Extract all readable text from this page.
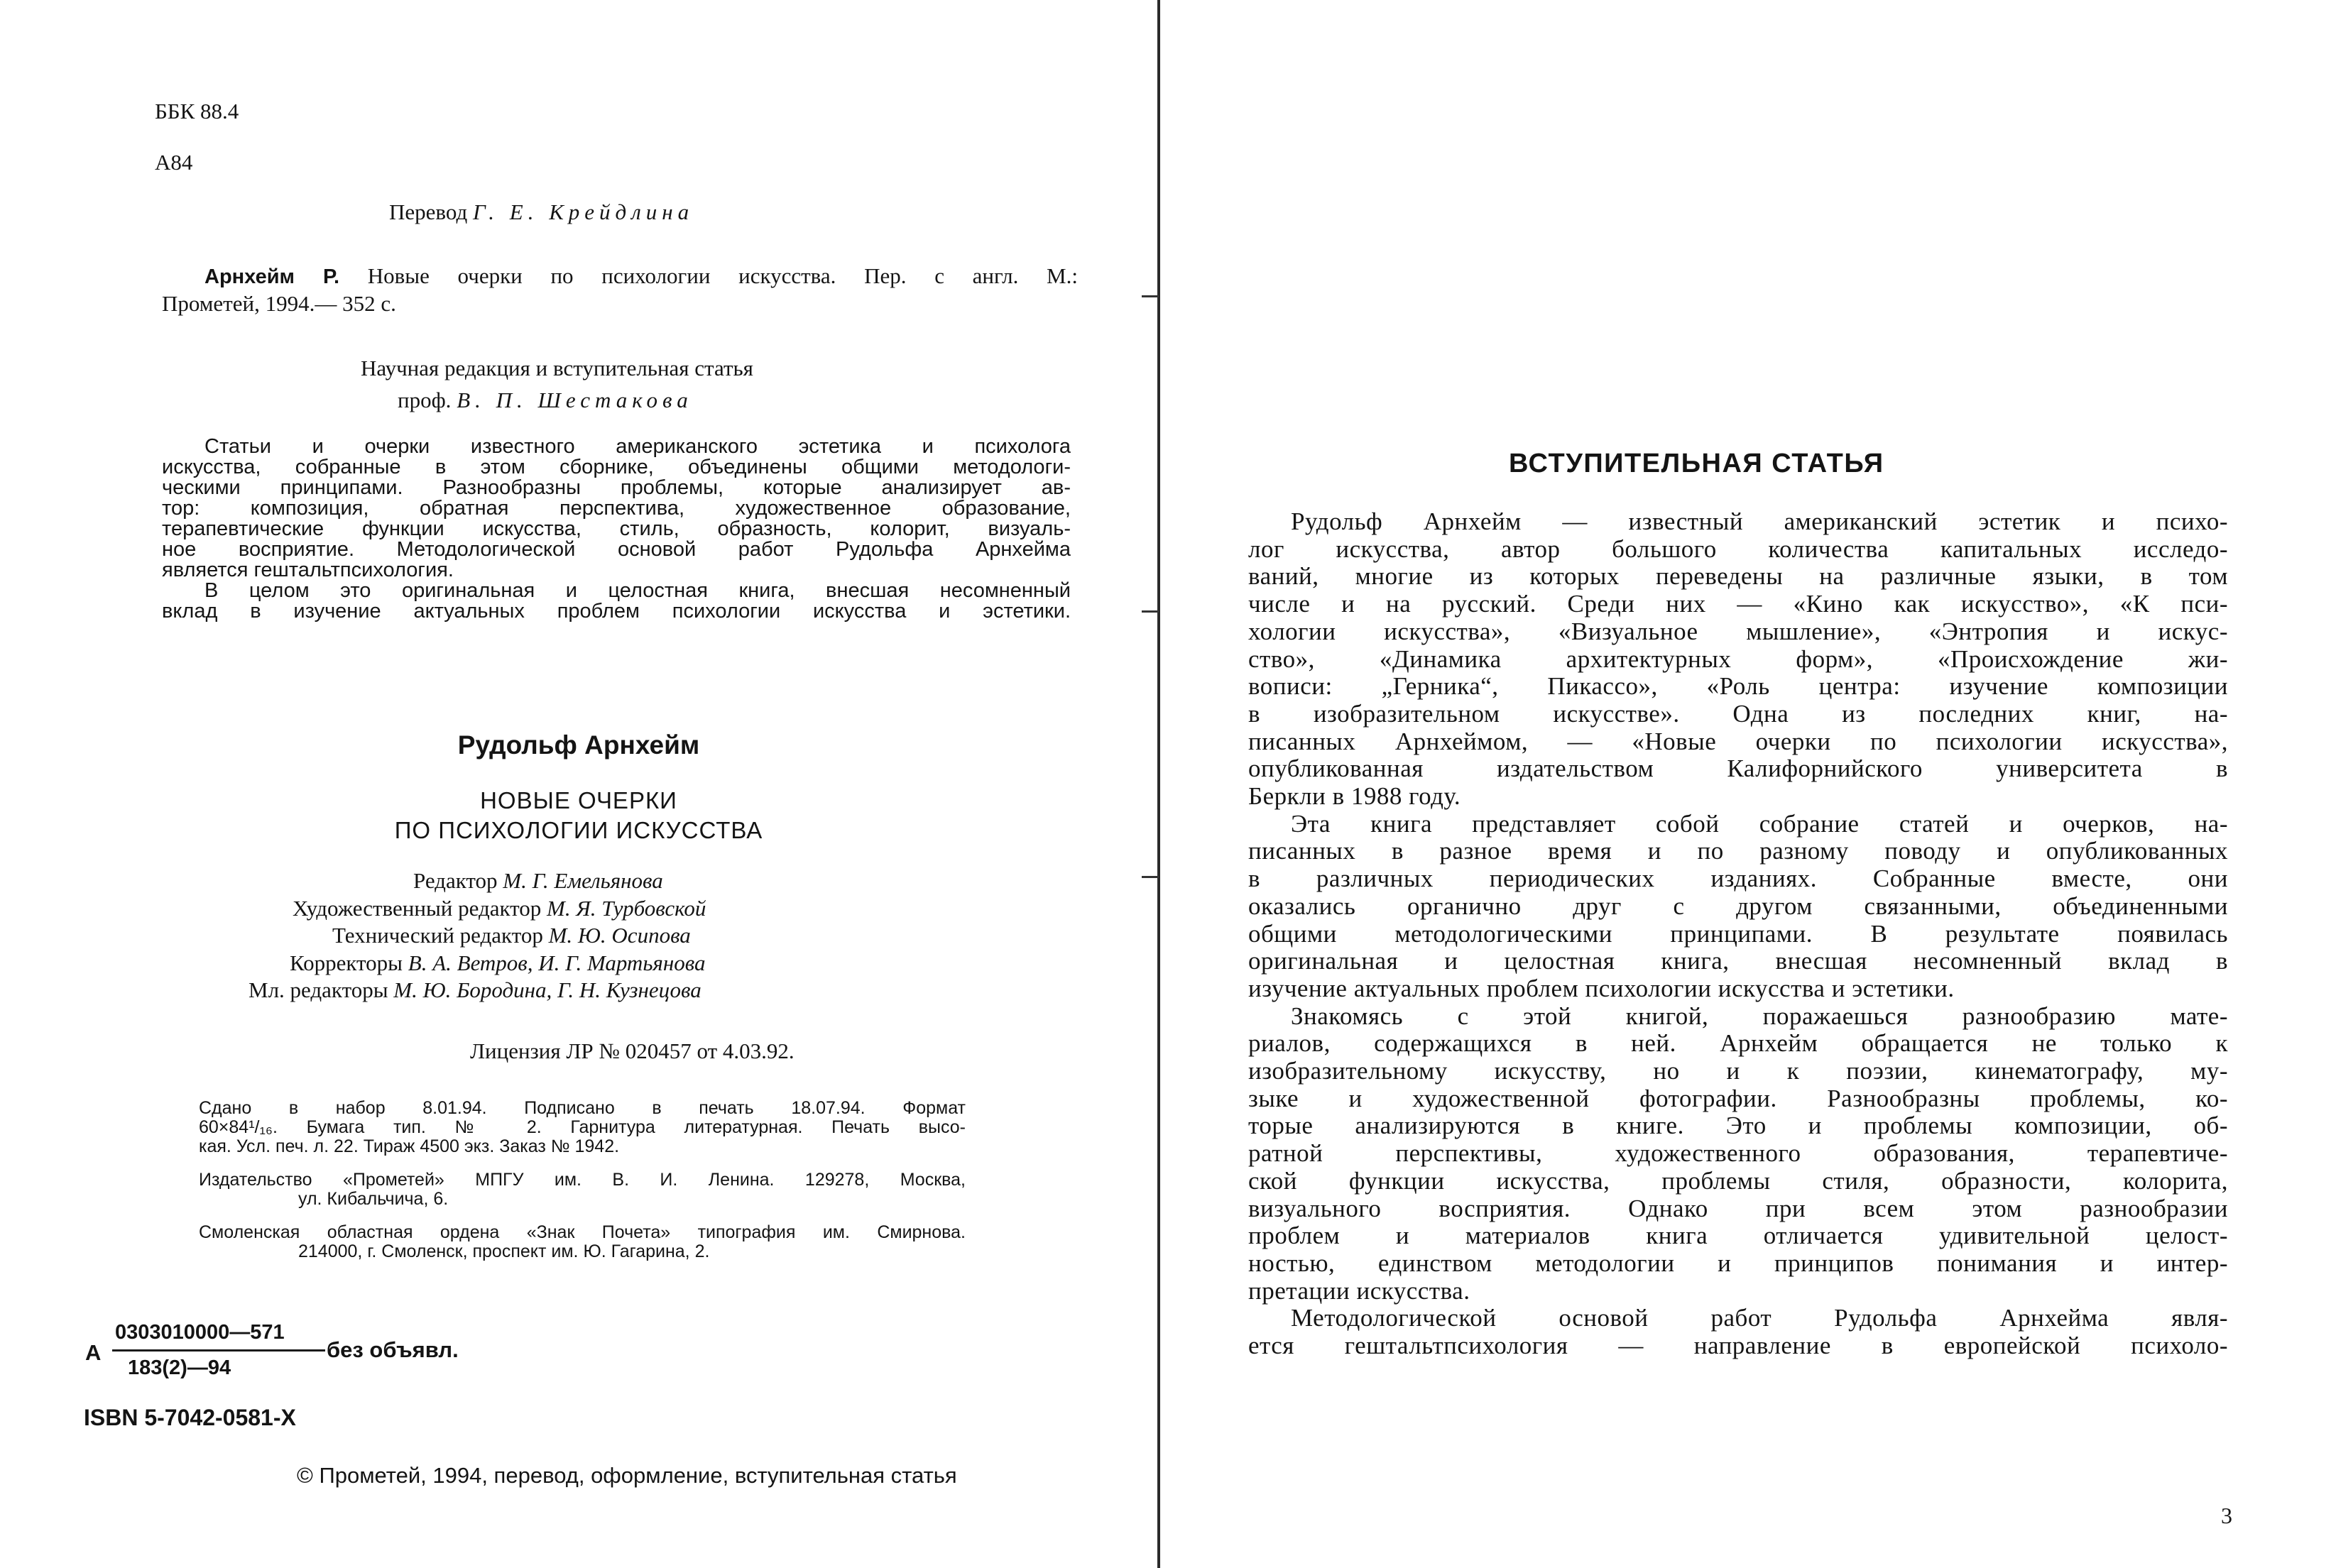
ББК 88.4

А84

Перевод Г. Е. Крейдлина

Арнхейм Р. Новые очерки по психологии искусства. Пер. с англ. М.:
Прометей, 1994.— 352 с.

Научная редакция и вступительная статья

проф. В. П. Шестакова

Статьи и очерки известного американского эстетика и психолога
искусства, собранные в этом сборнике, объединены общими методологи-
ческими принципами. Разнообразны проблемы, которые анализирует ав-
тор: композиция, обратная перспектива, художественное образование,
терапевтические функции искусства, стиль, образность, колорит, визуаль-
ное восприятие. Методологической основой работ Рудольфа Арнхейма
является гештальтпсихология.
В целом это оригинальная и целостная книга, внесшая несомненный
вклад в изучение актуальных проблем психологии искусства и эстетики.

Рудольф Арнхейм

НОВЫЕ ОЧЕРКИ

ПО ПСИХОЛОГИИ ИСКУССТВА

Редактор М. Г. Емельянова
Художественный редактор М. Я. Турбовской
Технический редактор М. Ю. Осипова
Корректоры В. А. Ветров, И. Г. Мартьянова
Мл. редакторы М. Ю. Бородина, Г. Н. Кузнецова

Лицензия ЛР № 020457 от 4.03.92.

Сдано в набор 8.01.94. Подписано в печать 18.07.94. Формат
60×84¹/₁₆. Бумага тип. № 2. Гарнитура литературная. Печать высо-
кая. Усл. печ. л. 22. Тираж 4500 экз. Заказ № 1942.

Издательство «Прометей» МПГУ им. В. И. Ленина. 129278, Москва,
ул. Кибальчича, 6.

Смоленская областная ордена «Знак Почета» типография им. Смирнова.
214000, г. Смоленск, проспект им. Ю. Гагарина, 2.

А

0303010000—571

183(2)—94

без объявл.

ISBN 5-7042-0581-X

© Прометей, 1994, перевод, оформление, вступительная статья

ВСТУПИТЕЛЬНАЯ СТАТЬЯ
Рудольф Арнхейм — известный американский эстетик и психо-
лог искусства, автор большого количества капитальных исследо-
ваний, многие из которых переведены на различные языки, в том
числе и на русский. Среди них — «Кино как искусство», «К пси-
хологии искусства», «Визуальное мышление», «Энтропия и искус-
ство», «Динамика архитектурных форм», «Происхождение жи-
вописи: „Герника“, Пикассо», «Роль центра: изучение композиции
в изобразительном искусстве». Одна из последних книг, на-
писанных Арнхеймом, — «Новые очерки по психологии искусства»,
опубликованная издательством Калифорнийского университета в
Беркли в 1988 году.
Эта книга представляет собой собрание статей и очерков, на-
писанных в разное время и по разному поводу и опубликованных
в различных периодических изданиях. Собранные вместе, они
оказались органично друг с другом связанными, объединенными
общими методологическими принципами. В результате появилась
оригинальная и целостная книга, внесшая несомненный вклад в
изучение актуальных проблем психологии искусства и эстетики.
Знакомясь с этой книгой, поражаешься разнообразию мате-
риалов, содержащихся в ней. Арнхейм обращается не только к
изобразительному искусству, но и к поэзии, кинематографу, му-
зыке и художественной фотографии. Разнообразны проблемы, ко-
торые анализируются в книге. Это и проблемы композиции, об-
ратной перспективы, художественного образования, терапевтиче-
ской функции искусства, проблемы стиля, образности, колорита,
визуального восприятия. Однако при всем этом разнообразии
проблем и материалов книга отличается удивительной целост-
ностью, единством методологии и принципов понимания и интер-
претации искусства.
Методологической основой работ Рудольфа Арнхейма явля-
ется гештальтпсихология — направление в европейской психоло-

3
